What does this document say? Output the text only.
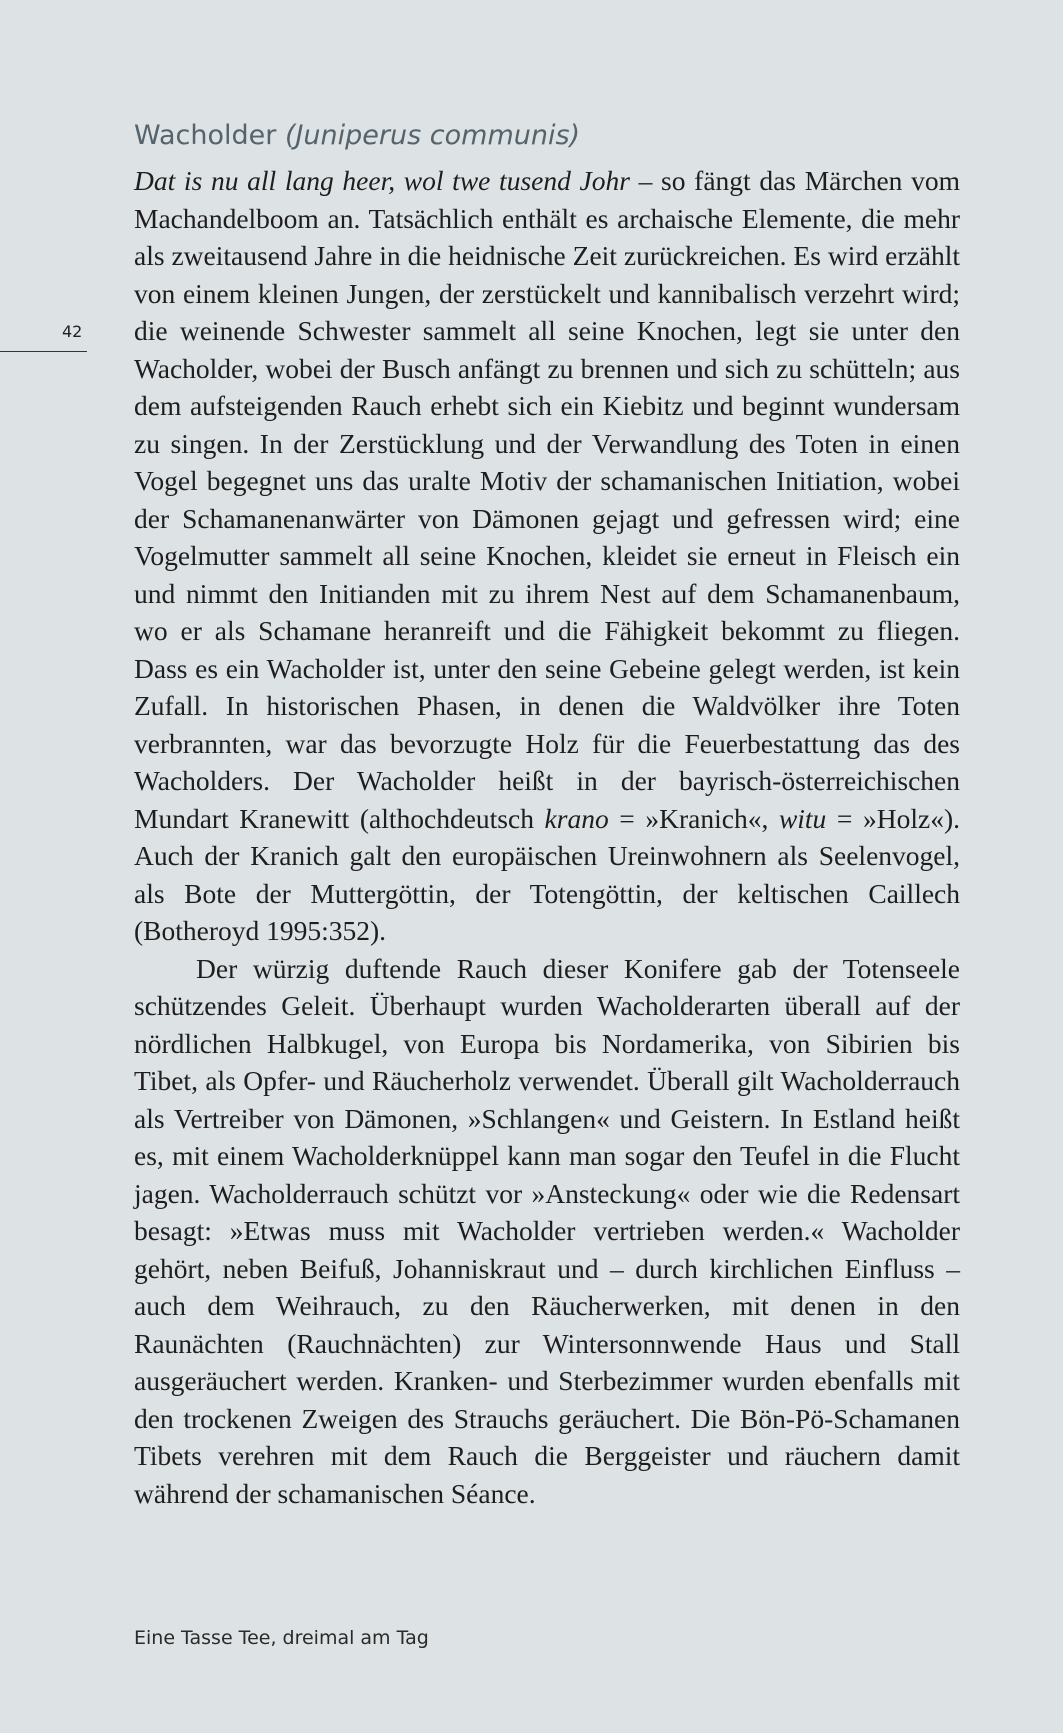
Wacholder (Juniperus communis)
42

Dat is nu all lang heer, wol twe tusend Johr – so fängt das Märchen vom Machandelboom an. Tatsächlich enthält es archaische Elemente, die mehr als zweitausend Jahre in die heidnische Zeit zurückreichen. Es wird erzählt von einem kleinen Jungen, der zerstückelt und kannibalisch verzehrt wird; die weinende Schwester sammelt all seine Knochen, legt sie unter den Wacholder, wobei der Busch anfängt zu brennen und sich zu schütteln; aus dem aufsteigenden Rauch erhebt sich ein Kiebitz und beginnt wundersam zu singen. In der Zerstücklung und der Verwandlung des Toten in einen Vogel begegnet uns das uralte Motiv der schamanischen Initiation, wobei der Schamanenanwärter von Dämonen gejagt und gefressen wird; eine Vogelmutter sammelt all seine Knochen, kleidet sie erneut in Fleisch ein und nimmt den Initianden mit zu ihrem Nest auf dem Schamanenbaum, wo er als Schamane heranreift und die Fähigkeit bekommt zu fliegen. Dass es ein Wacholder ist, unter den seine Gebeine gelegt werden, ist kein Zufall. In historischen Phasen, in denen die Waldvölker ihre Toten verbrannten, war das bevorzugte Holz für die Feuerbestattung das des Wacholders. Der Wacholder heißt in der bayrisch-österreichischen Mundart Kranewitt (althochdeutsch krano = »Kranich«, witu = »Holz«). Auch der Kranich galt den europäischen Ureinwohnern als Seelenvogel, als Bote der Muttergöttin, der Totengöttin, der keltischen Caillech (Botheroyd 1995:352).

Der würzig duftende Rauch dieser Konifere gab der Totenseele schützendes Geleit. Überhaupt wurden Wacholderarten überall auf der nördlichen Halbkugel, von Europa bis Nordamerika, von Sibirien bis Tibet, als Opfer- und Räucherholz verwendet. Überall gilt Wacholderrauch als Vertreiber von Dämonen, »Schlangen« und Geistern. In Estland heißt es, mit einem Wacholderknüppel kann man sogar den Teufel in die Flucht jagen. Wacholderrauch schützt vor »Ansteckung« oder wie die Redensart besagt: »Etwas muss mit Wacholder vertrieben werden.« Wacholder gehört, neben Beifuß, Johanniskraut und – durch kirchlichen Einfluss – auch dem Weihrauch, zu den Räucherwerken, mit denen in den Raunächten (Rauchnächten) zur Wintersonnwende Haus und Stall ausgeräuchert werden. Kranken- und Sterbezimmer wurden ebenfalls mit den trockenen Zweigen des Strauchs geräuchert. Die Bön-Pö-Schamanen Tibets verehren mit dem Rauch die Berggeister und räuchern damit während der schamanischen Séance.

Eine Tasse Tee, dreimal am Tag
